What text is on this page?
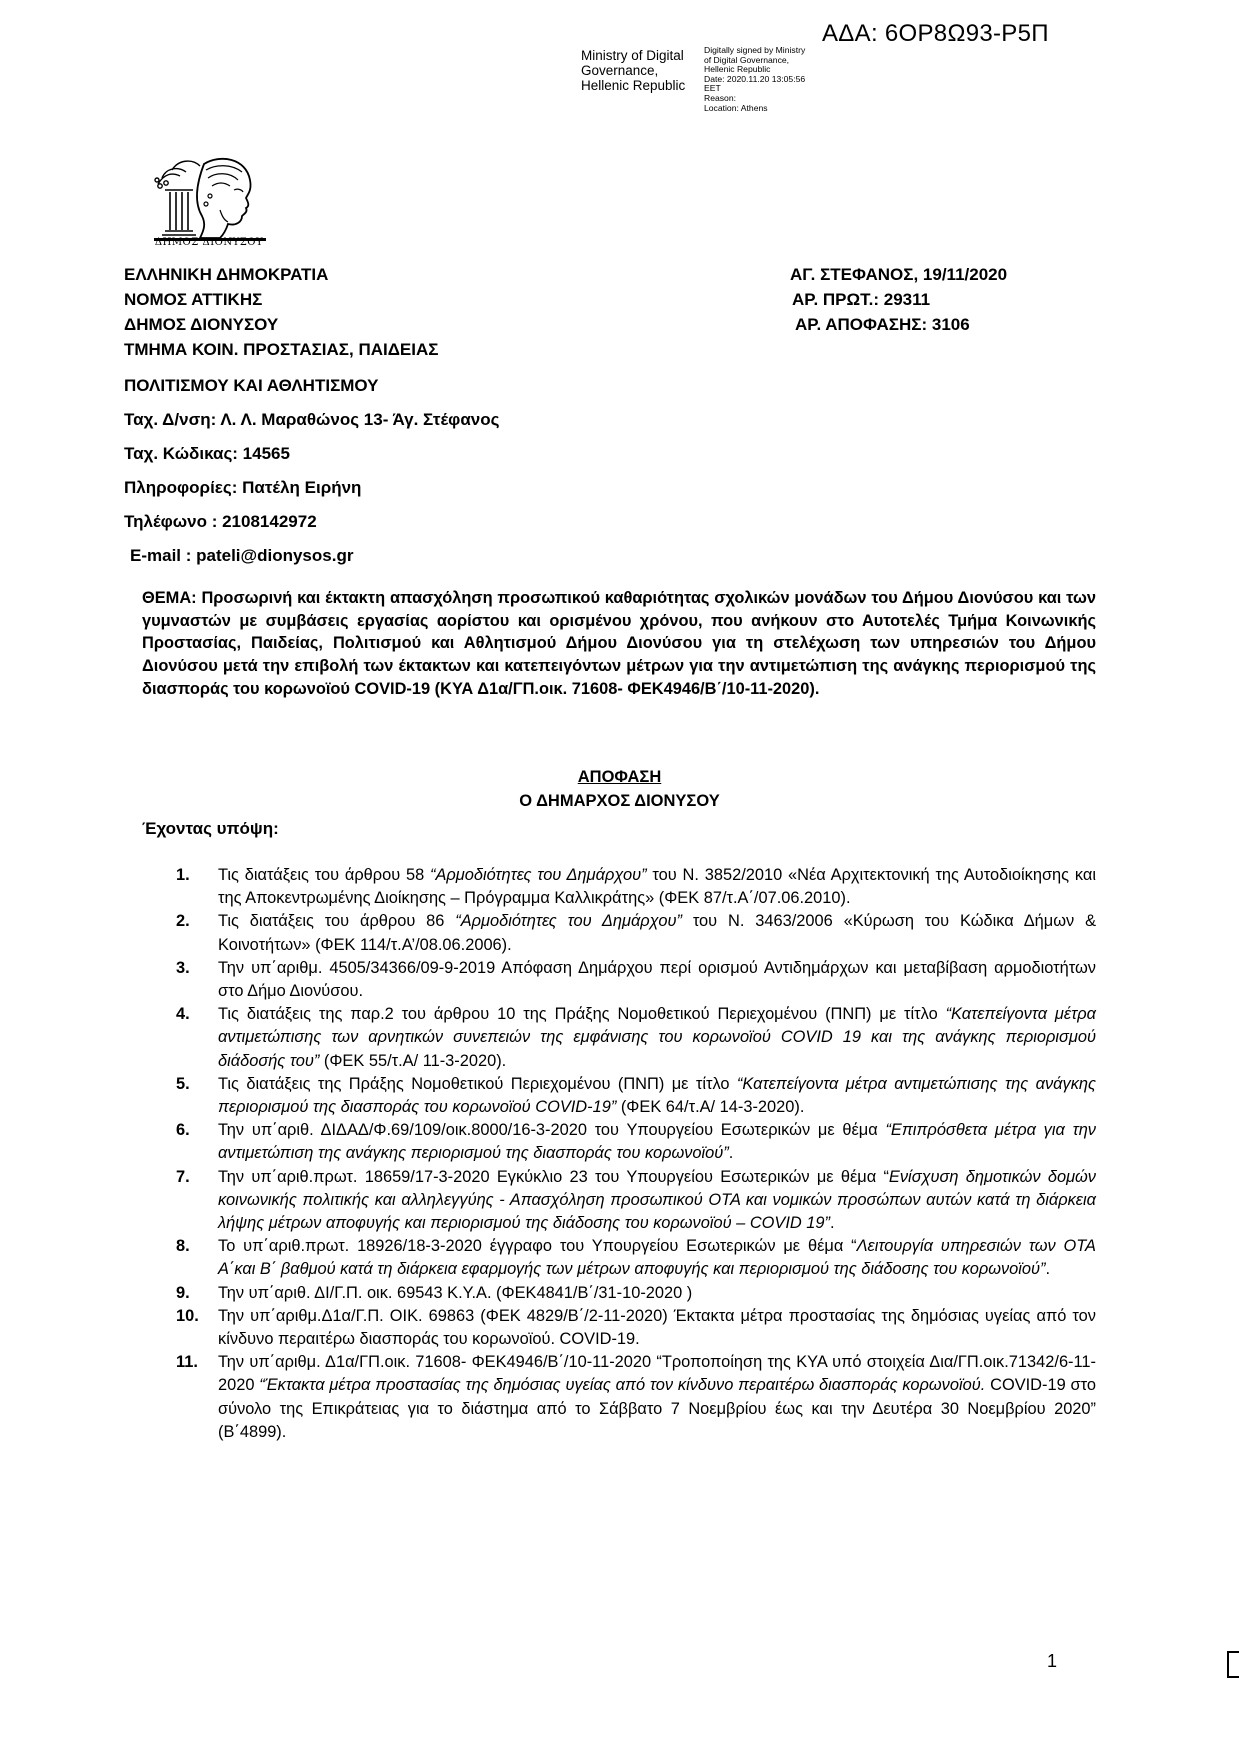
ΑΔΑ: 6ΟΡ8Ω93-Ρ5Π
Ministry of Digital
Governance,
Hellenic Republic
Digitally signed by Ministry
of Digital Governance,
Hellenic Republic
Date: 2020.11.20 13:05:56
EET
Reason:
Location: Athens
ΔΗΜΟΣ ΔΙΟΝΥΣΟΥ
ΕΛΛΗΝΙΚΗ ΔΗΜΟΚΡΑΤΙΑ
ΝΟΜΟΣ ΑΤΤΙΚΗΣ
ΔΗΜΟΣ ΔΙΟΝΥΣΟΥ
ΤΜΗΜΑ ΚΟΙΝ. ΠΡΟΣΤΑΣΙΑΣ, ΠΑΙΔΕΙΑΣ
ΑΓ. ΣΤΕΦΑΝΟΣ, 19/11/2020
ΑΡ. ΠΡΩΤ.: 29311
ΑΡ. ΑΠΟΦΑΣΗΣ: 3106
ΠΟΛΙΤΙΣΜΟΥ ΚΑΙ ΑΘΛΗΤΙΣΜΟΥ
Ταχ. Δ/νση: Λ. Λ. Μαραθώνος 13- Άγ. Στέφανος
Ταχ. Κώδικας: 14565
Πληροφορίες: Πατέλη Ειρήνη
Τηλέφωνο : 2108142972
E-mail : pateli@dionysos.gr
ΘΕΜΑ: Προσωρινή και έκτακτη απασχόληση προσωπικού καθαριότητας σχολικών μονάδων του Δήμου Διονύσου και των γυμναστών με συμβάσεις εργασίας αορίστου και ορισμένου χρόνου, που ανήκουν στο Αυτοτελές Τμήμα Κοινωνικής Προστασίας, Παιδείας, Πολιτισμού και Αθλητισμού Δήμου Διονύσου για τη στελέχωση των υπηρεσιών του Δήμου Διονύσου μετά την επιβολή των έκτακτων και κατεπειγόντων μέτρων για την αντιμετώπιση της ανάγκης περιορισμού της διασποράς του κορωνοϊού COVID-19 (ΚΥΑ Δ1α/ΓΠ.οικ. 71608- ΦΕΚ4946/Β΄/10-11-2020).
ΑΠΟΦΑΣΗ
Ο ΔΗΜΑΡΧΟΣ ΔΙΟΝΥΣΟΥ
Έχοντας υπόψη:
1. Τις διατάξεις του άρθρου 58 “Αρμοδιότητες του Δημάρχου” του Ν. 3852/2010 «Νέα Αρχιτεκτονική της Αυτοδιοίκησης και της Αποκεντρωμένης Διοίκησης – Πρόγραμμα Καλλικράτης» (ΦΕΚ 87/τ.Α΄/07.06.2010).
2. Τις διατάξεις του άρθρου 86 “Αρμοδιότητες του Δημάρχου” του Ν. 3463/2006 «Κύρωση του Κώδικα Δήμων & Κοινοτήτων» (ΦΕΚ 114/τ.Α’/08.06.2006).
3. Την υπ΄αριθμ. 4505/34366/09-9-2019 Απόφαση Δημάρχου περί ορισμού Αντιδημάρχων και μεταβίβαση αρμοδιοτήτων στο Δήμο Διονύσου.
4. Τις διατάξεις της παρ.2 του άρθρου 10 της Πράξης Νομοθετικού Περιεχομένου (ΠΝΠ) με τίτλο “Κατεπείγοντα μέτρα αντιμετώπισης των αρνητικών συνεπειών της εμφάνισης του κορωνοϊού COVID 19 και της ανάγκης περιορισμού διάδοσής του” (ΦΕΚ 55/τ.Α/ 11-3-2020).
5. Τις διατάξεις της Πράξης Νομοθετικού Περιεχομένου (ΠΝΠ) με τίτλο “Κατεπείγοντα μέτρα αντιμετώπισης της ανάγκης περιορισμού της διασποράς του κορωνοϊού COVID-19” (ΦΕΚ 64/τ.Α/ 14-3-2020).
6. Την υπ΄αριθ. ΔΙΔΑΔ/Φ.69/109/οικ.8000/16-3-2020 του Υπουργείου Εσωτερικών με θέμα “Επιπρόσθετα μέτρα για την αντιμετώπιση της ανάγκης περιορισμού της διασποράς του κορωνοϊού”.
7. Την υπ΄αριθ.πρωτ. 18659/17-3-2020 Εγκύκλιο 23 του Υπουργείου Εσωτερικών με θέμα “Ενίσχυση δημοτικών δομών κοινωνικής πολιτικής και αλληλεγγύης - Απασχόληση προσωπικού ΟΤΑ και νομικών προσώπων αυτών κατά τη διάρκεια λήψης μέτρων αποφυγής και περιορισμού της διάδοσης του κορωνοϊού – COVID 19”.
8. Το υπ΄αριθ.πρωτ. 18926/18-3-2020 έγγραφο του Υπουργείου Εσωτερικών με θέμα “Λειτουργία υπηρεσιών των ΟΤΑ Α΄και Β΄ βαθμού κατά τη διάρκεια εφαρμογής των μέτρων αποφυγής και περιορισμού της διάδοσης του κορωνοϊού”.
9. Την υπ΄αριθ. ΔΙ/Γ.Π. οικ. 69543 Κ.Υ.Α. (ΦΕΚ4841/Β΄/31-10-2020 )
10. Την υπ΄αριθμ.Δ1α/Γ.Π. ΟΙΚ. 69863 (ΦΕΚ 4829/Β΄/2-11-2020) Έκτακτα μέτρα προστασίας της δημόσιας υγείας από τον κίνδυνο περαιτέρω διασποράς του κορωνοϊού. COVID-19.
11. Την υπ΄αριθμ. Δ1α/ΓΠ.οικ. 71608- ΦΕΚ4946/Β΄/10-11-2020 “Τροποποίηση της ΚΥΑ υπό στοιχεία Δια/ΓΠ.οικ.71342/6-11-2020 “Έκτακτα μέτρα προστασίας της δημόσιας υγείας από τον κίνδυνο περαιτέρω διασποράς κορωνοϊού. COVID-19 στο σύνολο της Επικράτειας για το διάστημα από το Σάββατο 7 Νοεμβρίου έως και την Δευτέρα 30 Νοεμβρίου 2020” (Β΄4899).
1
